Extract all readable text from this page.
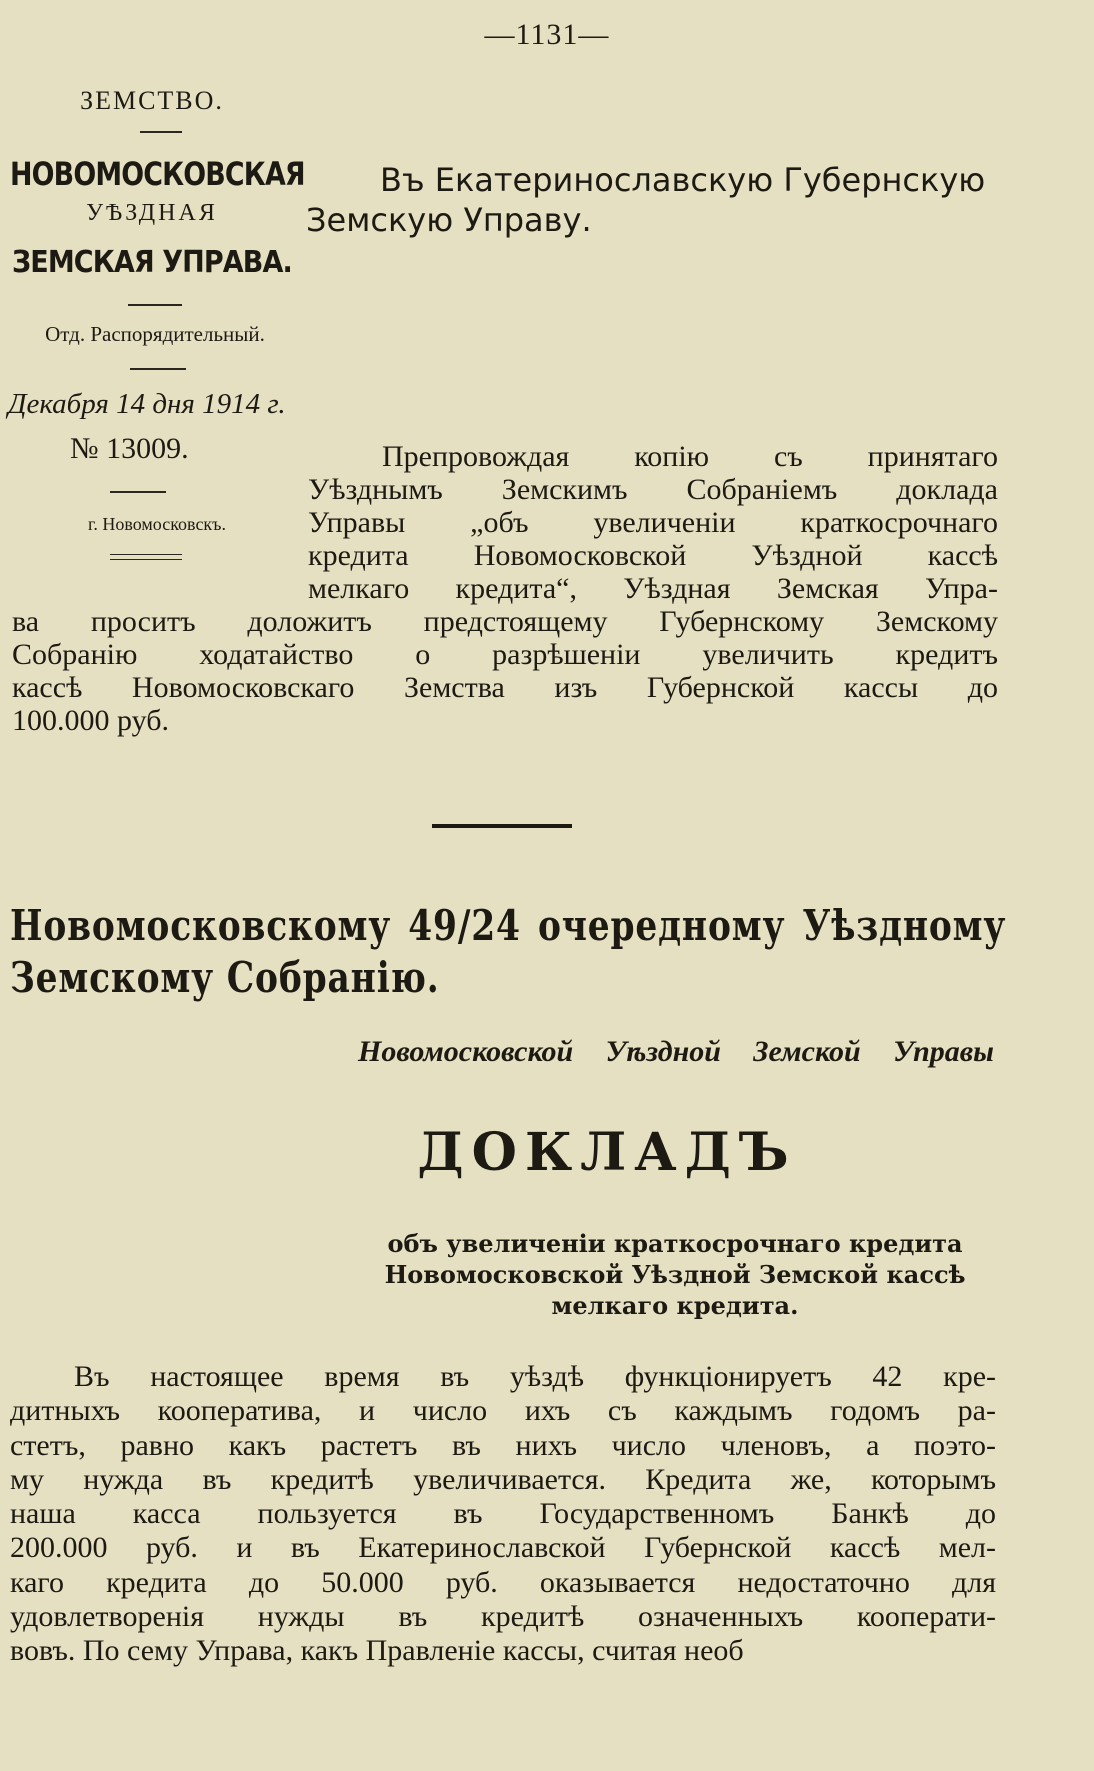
—1131—
ЗЕМСТВО.
НОВОМОСКОВСКАЯ
УѢЗДНАЯ
ЗЕМСКАЯ УПРАВА.
Отд. Распорядительный.
Декабря 14 дня 1914 г.
№ 13009.
г. Новомосковскъ.
Въ Екатеринославскую Губернскую
Земскую Управу.
Препровождая копію съ принятаго
Уѣзднымъ Земскимъ Собраніемъ доклада
Управы „объ увеличеніи краткосрочнаго
кредита Новомосковской Уѣздной кассѣ
мелкаго кредита“, Уѣздная Земская Упра-
ва проситъ доложитъ предстоящему Губернскому Земскому
Собранію ходатайство о разрѣшеніи увеличить кредитъ
кассѣ Новомосковскаго Земства изъ Губернской кассы до
100.000 руб.
Новомосковскому 49/24 очередному Уѣздному
Земскому Собранію.
Новомосковской Уѣздной Земской Управы
ДОКЛАДЪ
объ увеличеніи краткосрочнаго кредита
Новомосковской Уѣздной Земской кассѣ
мелкаго кредита.
Въ настоящее время въ уѣздѣ функціонируетъ 42 кре-
дитныхъ кооператива, и число ихъ съ каждымъ годомъ ра-
стетъ, равно какъ растетъ въ нихъ число членовъ, а поэто-
му нужда въ кредитѣ увеличивается. Кредита же, которымъ
наша касса пользуется въ Государственномъ Банкѣ до
200.000 руб. и въ Екатеринославской Губернской кассѣ мел-
каго кредита до 50.000 руб. оказывается недостаточно для
удовлетворенія нужды въ кредитѣ означенныхъ кооперати-
вовъ. По сему Управа, какъ Правленіе кассы, считая необ
